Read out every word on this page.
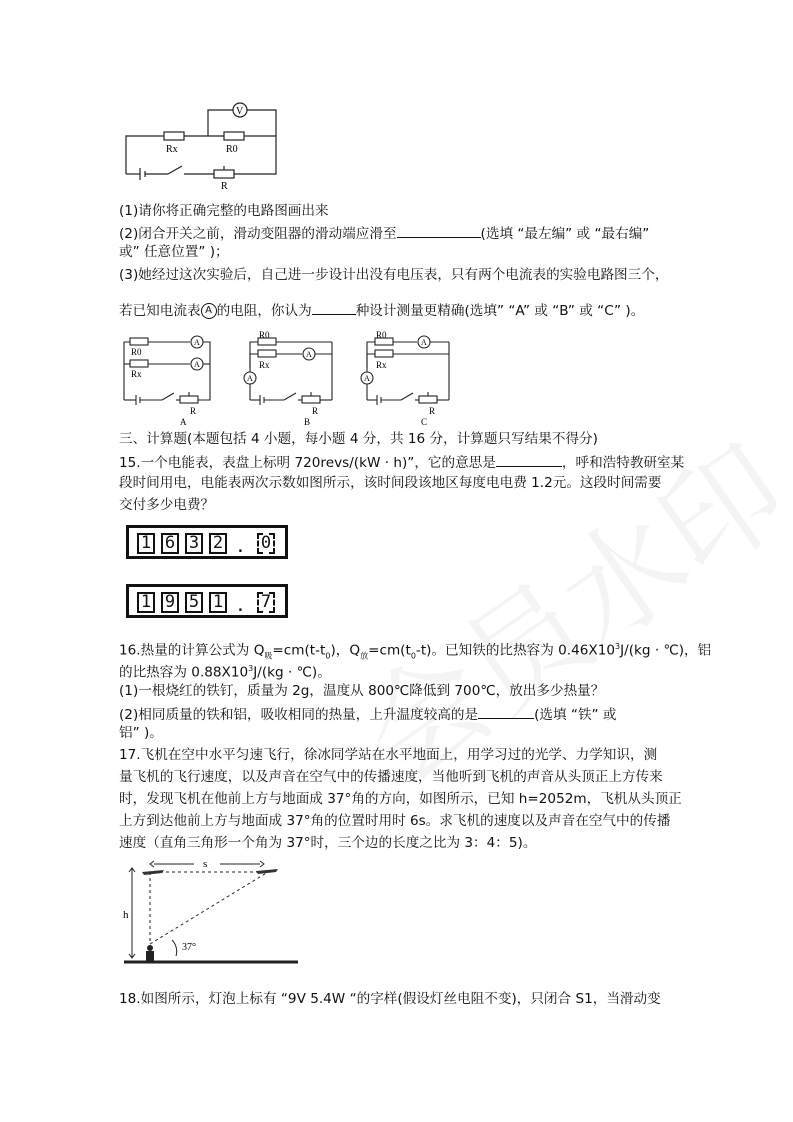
V
Rx	R0
R
(1)请你将正确完整的电路图画出来
(2)闭合开关之前，滑动变阻器的滑动端应滑至	(选填 “最左编” 或 “最右编”
或” 任意位置” )；
(3)她经过这次实验后，自己进一步设计出没有电压表，只有两个电流表的实验电路图三个，
若已知电流表 A 的电阻，你认为	种设计测量更精确(选填” “A” 或 “B” 或 “C” )。
R0
Rx
A
A
R
A
R0
Rx
A
A
R
B
R0
Rx
A
A
R
C
三、计算题(本题包括 4 小题，每小题 4 分，共 16 分，计算题只写结果不得分)
15.一个电能表，表盘上标明 720revs/(kW · h)”，它的意思是	，呼和浩特教研室某
段时间用电，电能表两次示数如图所示，该时间段该地区每度电电费 1.2元。这段时间需要
交付多少电费？
1 6 3 2 . 0
1 9 5 1 . 7
16.热量的计算公式为 $Q_吸=cm(t-t_0)$，$Q_放=cm(t_0-t)$。已知铁的比热容为 $0.46X10^3J/(kg$ · ℃)，铝
的比热容为 $0.88X10^3J/(kg$ · ℃)。
(1)一根烧红的铁钉，质量为 2g，温度从 800℃降低到 700℃，放出多少热量？
(2)相同质量的铁和铝，吸收相同的热量，上升温度较高的是	(选填 “铁” 或
铝” )。
17.飞机在空中水平匀速飞行，徐冰同学站在水平地面上，用学习过的光学、力学知识，测
量飞机的飞行速度，以及声音在空气中的传播速度，当他听到飞机的声音从头顶正上方传来
时，发现飞机在他前上方与地面成 37°角的方向，如图所示，已知 h=2052m，飞机从头顶正
上方到达他前上方与地面成 37°角的位置时用时 6s。求飞机的速度以及声音在空气中的传播
速度（直角三角形一个角为 37°时，三个边的长度之比为 3：4：5)。
s
h
37°
18.如图所示，灯泡上标有 “9V 5.4W “的字样(假设灯丝电阻不变)，只闭合 S1，当滑动变
